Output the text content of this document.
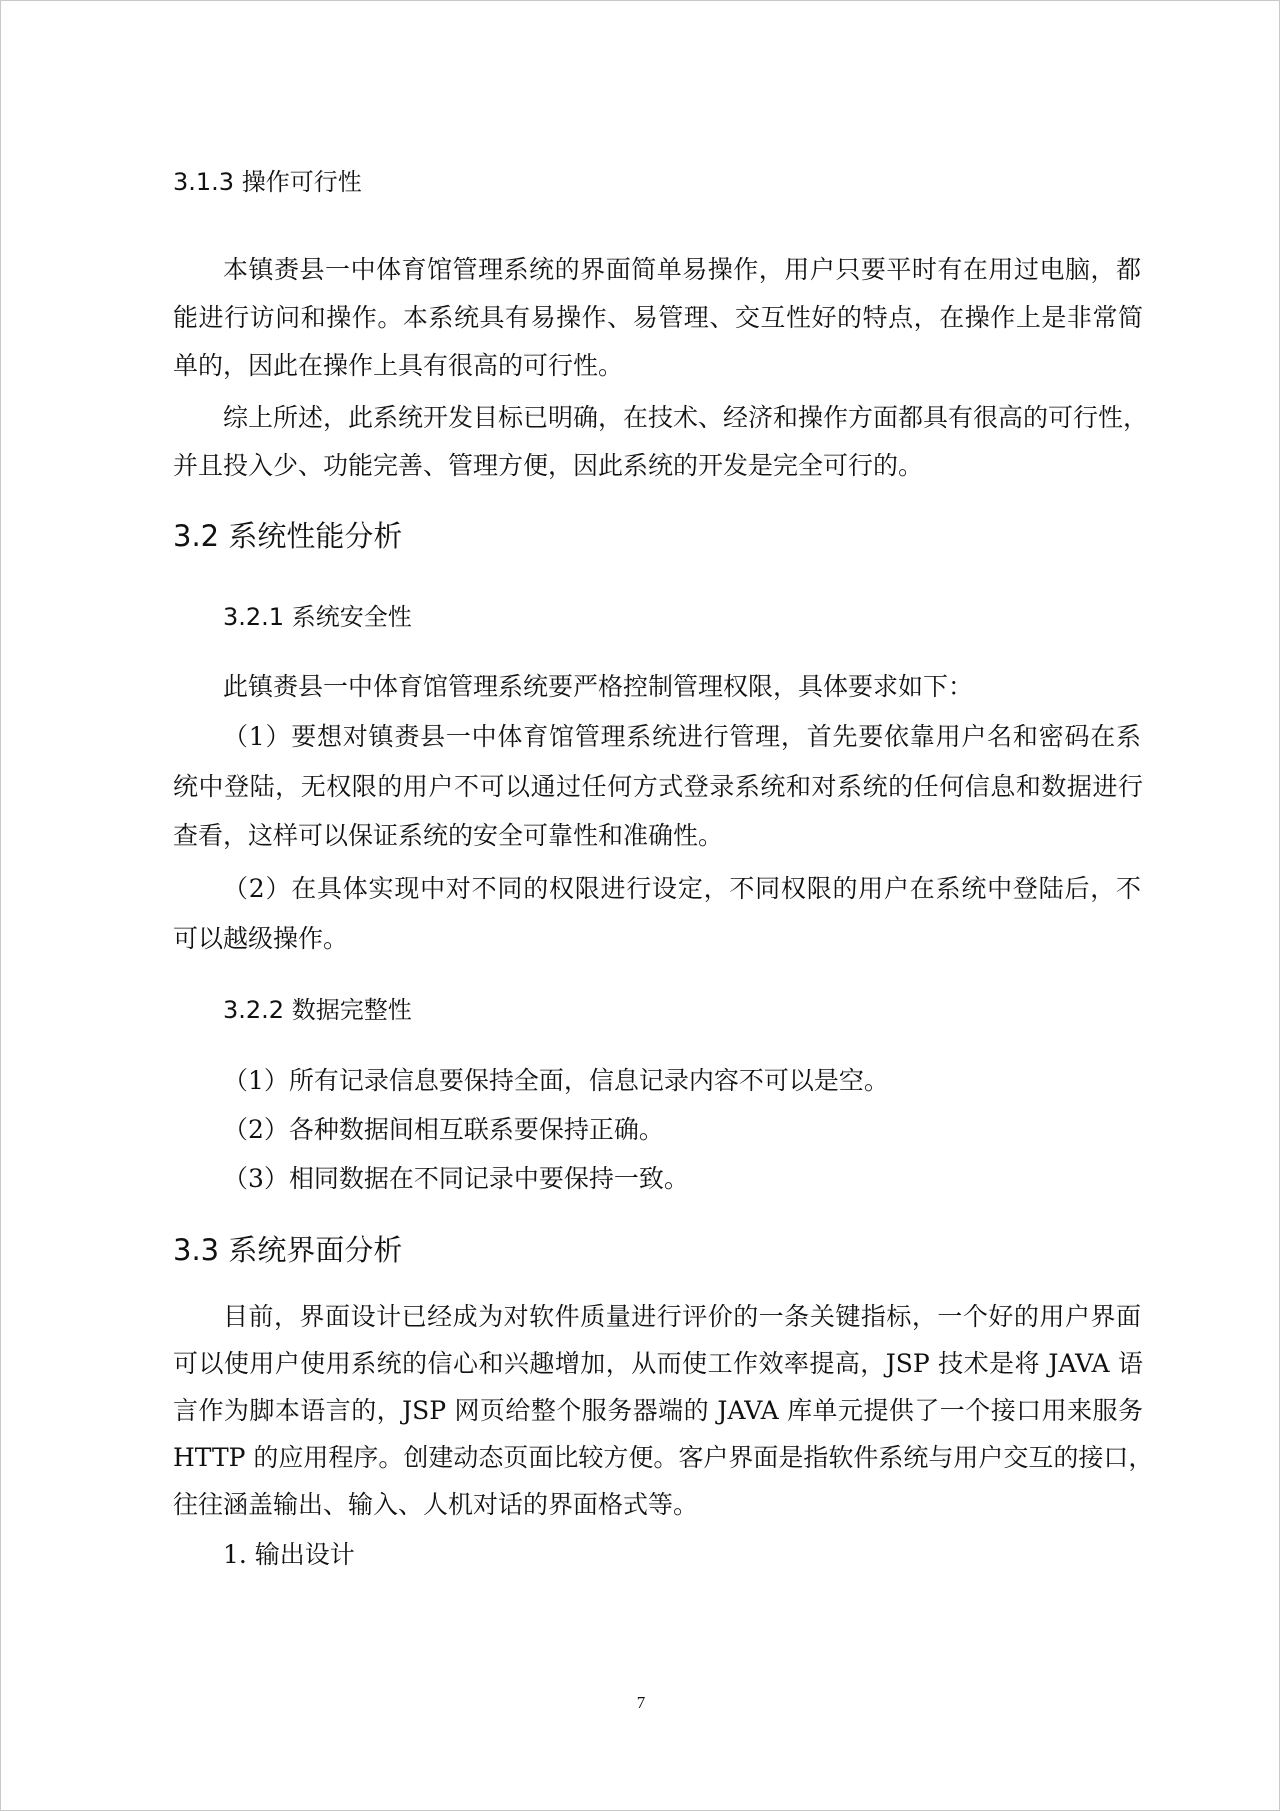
3.1.3 操作可行性

本镇赉县一中体育馆管理系统的界面简单易操作，用户只要平时有在用过电脑，都

能进行访问和操作。本系统具有易操作、易管理、交互性好的特点，在操作上是非常简

单的，因此在操作上具有很高的可行性。

综上所述，此系统开发目标已明确，在技术、经济和操作方面都具有很高的可行性，

并且投入少、功能完善、管理方便，因此系统的开发是完全可行的。

3.2 系统性能分析

3.2.1 系统安全性

此镇赉县一中体育馆管理系统要严格控制管理权限，具体要求如下：

（1）要想对镇赉县一中体育馆管理系统进行管理，首先要依靠用户名和密码在系

统中登陆，无权限的用户不可以通过任何方式登录系统和对系统的任何信息和数据进行

查看，这样可以保证系统的安全可靠性和准确性。

（2）在具体实现中对不同的权限进行设定，不同权限的用户在系统中登陆后，不

可以越级操作。

3.2.2 数据完整性

（1）所有记录信息要保持全面，信息记录内容不可以是空。

（2）各种数据间相互联系要保持正确。

（3）相同数据在不同记录中要保持一致。

3.3 系统界面分析

目前，界面设计已经成为对软件质量进行评价的一条关键指标，一个好的用户界面

可以使用户使用系统的信心和兴趣增加，从而使工作效率提高，JSP 技术是将 JAVA 语

言作为脚本语言的，JSP 网页给整个服务器端的 JAVA 库单元提供了一个接口用来服务

HTTP 的应用程序。创建动态页面比较方便。客户界面是指软件系统与用户交互的接口，

往往涵盖输出、输入、人机对话的界面格式等。

1. 输出设计

7
